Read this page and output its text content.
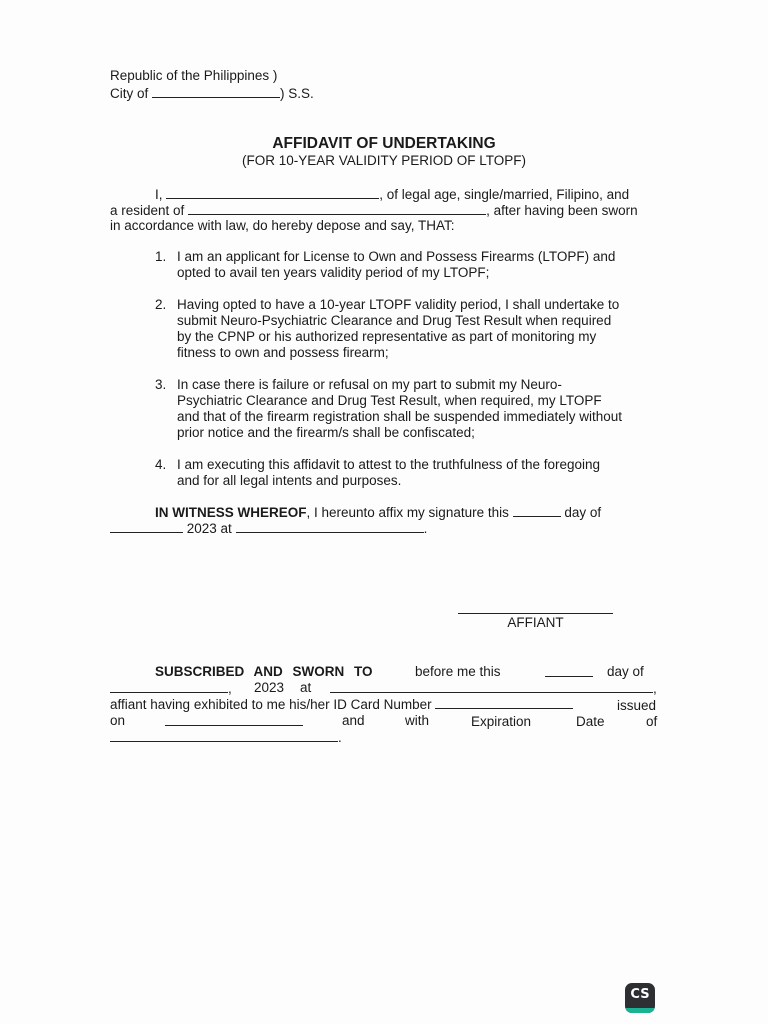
Republic of the Philippines )
City of	) S.S.
AFFIDAVIT OF UNDERTAKING
(FOR 10-YEAR VALIDITY PERIOD OF LTOPF)
I,	, of legal age, single/married, Filipino, and
a resident of	, after having been sworn
in accordance with law, do hereby depose and say, THAT:
1. I am an applicant for License to Own and Possess Firearms (LTOPF) and
opted to avail ten years validity period of my LTOPF;
2. Having opted to have a 10-year LTOPF validity period, I shall undertake to
submit Neuro-Psychiatric Clearance and Drug Test Result when required
by the CPNP or his authorized representative as part of monitoring my
fitness to own and possess firearm;
3. In case there is failure or refusal on my part to submit my Neuro-
Psychiatric Clearance and Drug Test Result, when required, my LTOPF
and that of the firearm registration shall be suspended immediately without
prior notice and the firearm/s shall be confiscated;
4. I am executing this affidavit to attest to the truthfulness of the foregoing
and for all legal intents and purposes.
IN WITNESS WHEREOF, I hereunto affix my signature this	day of
2023 at	.
AFFIANT
SUBSCRIBED AND SWORN TO	before me this	day of
, 2023 at	,
affiant having exhibited to me his/her ID Card Number	issued
on	and	with	Expiration	Date	of
.
CS
